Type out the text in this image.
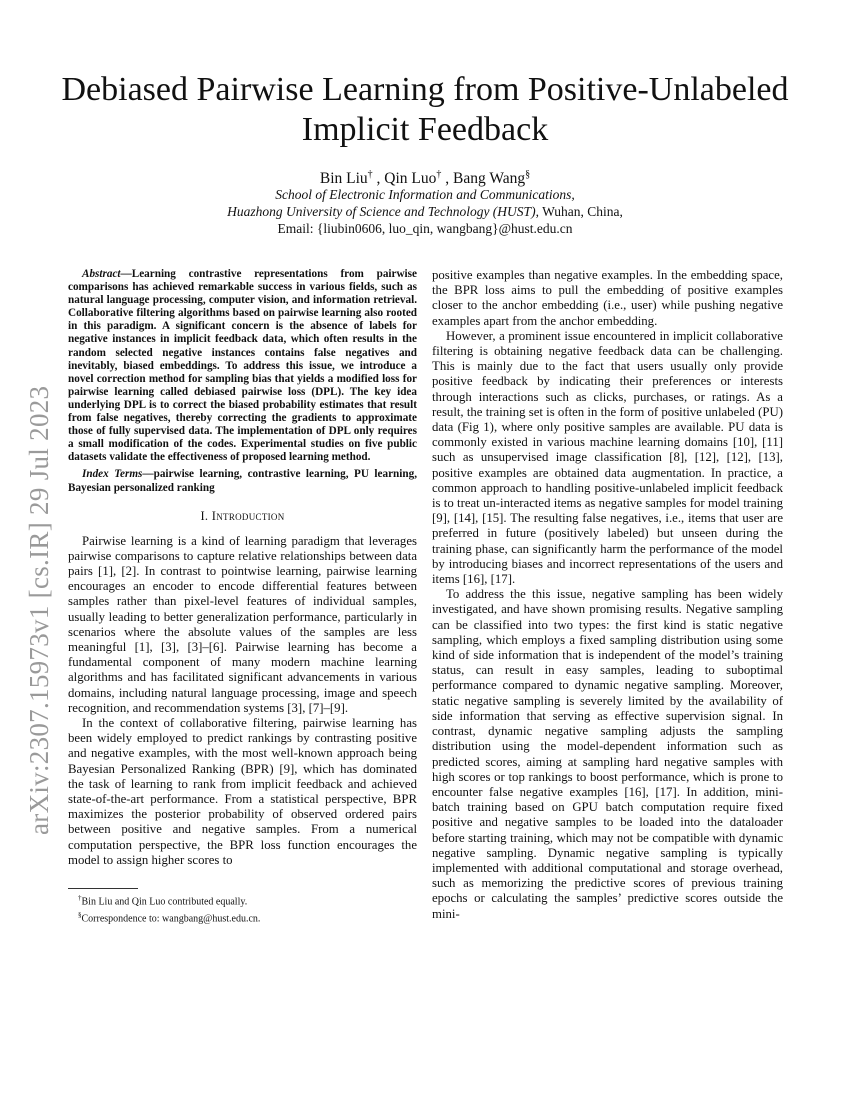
arXiv:2307.15973v1 [cs.IR] 29 Jul 2023
Debiased Pairwise Learning from Positive-Unlabeled
Implicit Feedback
Bin Liu† , Qin Luo† , Bang Wang§
School of Electronic Information and Communications,
Huazhong University of Science and Technology (HUST), Wuhan, China,
Email: {liubin0606, luo_qin, wangbang}@hust.edu.cn

Abstract—Learning contrastive representations from pairwise comparisons has achieved remarkable success in various fields, such as natural language processing, computer vision, and information retrieval. Collaborative filtering algorithms based on pairwise learning also rooted in this paradigm. A significant concern is the absence of labels for negative instances in implicit feedback data, which often results in the random selected negative instances contains false negatives and inevitably, biased embeddings. To address this issue, we introduce a novel correction method for sampling bias that yields a modified loss for pairwise learning called debiased pairwise loss (DPL). The key idea underlying DPL is to correct the biased probability estimates that result from false negatives, thereby correcting the gradients to approximate those of fully supervised data. The implementation of DPL only requires a small modification of the codes. Experimental studies on five public datasets validate the effectiveness of proposed learning method.

Index Terms—pairwise learning, contrastive learning, PU learning, Bayesian personalized ranking

I. Introduction

Pairwise learning is a kind of learning paradigm that leverages pairwise comparisons to capture relative relationships between data pairs [1], [2]. In contrast to pointwise learning, pairwise learning encourages an encoder to encode differential features between samples rather than pixel-level features of individual samples, usually leading to better generalization performance, particularly in scenarios where the absolute values of the samples are less meaningful [1], [3], [3]–[6]. Pairwise learning has become a fundamental component of many modern machine learning algorithms and has facilitated significant advancements in various domains, including natural language processing, image and speech recognition, and recommendation systems [3], [7]–[9].

In the context of collaborative filtering, pairwise learning has been widely employed to predict rankings by contrasting positive and negative examples, with the most well-known approach being Bayesian Personalized Ranking (BPR) [9], which has dominated the task of learning to rank from implicit feedback and achieved state-of-the-art performance. From a statistical perspective, BPR maximizes the posterior probability of observed ordered pairs between positive and negative samples. From a numerical computation perspective, the BPR loss function encourages the model to assign higher scores to

†Bin Liu and Qin Luo contributed equally.

§Correspondence to: wangbang@hust.edu.cn.

positive examples than negative examples. In the embedding space, the BPR loss aims to pull the embedding of positive examples closer to the anchor embedding (i.e., user) while pushing negative examples apart from the anchor embedding.

However, a prominent issue encountered in implicit collaborative filtering is obtaining negative feedback data can be challenging. This is mainly due to the fact that users usually only provide positive feedback by indicating their preferences or interests through interactions such as clicks, purchases, or ratings. As a result, the training set is often in the form of positive unlabeled (PU) data (Fig 1), where only positive samples are available. PU data is commonly existed in various machine learning domains [10], [11] such as unsupervised image classification [8], [12], [12], [13], positive examples are obtained data augmentation. In practice, a common approach to handling positive-unlabeled implicit feedback is to treat un-interacted items as negative samples for model training [9], [14], [15]. The resulting false negatives, i.e., items that user are preferred in future (positively labeled) but unseen during the training phase, can significantly harm the performance of the model by introducing biases and incorrect representations of the users and items [16], [17].

To address the this issue, negative sampling has been widely investigated, and have shown promising results. Negative sampling can be classified into two types: the first kind is static negative sampling, which employs a fixed sampling distribution using some kind of side information that is independent of the model’s training status, can result in easy samples, leading to suboptimal performance compared to dynamic negative sampling. Moreover, static negative sampling is severely limited by the availability of side information that serving as effective supervision signal. In contrast, dynamic negative sampling adjusts the sampling distribution using the model-dependent information such as predicted scores, aiming at sampling hard negative samples with high scores or top rankings to boost performance, which is prone to encounter false negative examples [16], [17]. In addition, mini-batch training based on GPU batch computation require fixed positive and negative samples to be loaded into the dataloader before starting training, which may not be compatible with dynamic negative sampling. Dynamic negative sampling is typically implemented with additional computational and storage overhead, such as memorizing the predictive scores of previous training epochs or calculating the samples’ predictive scores outside the mini-
